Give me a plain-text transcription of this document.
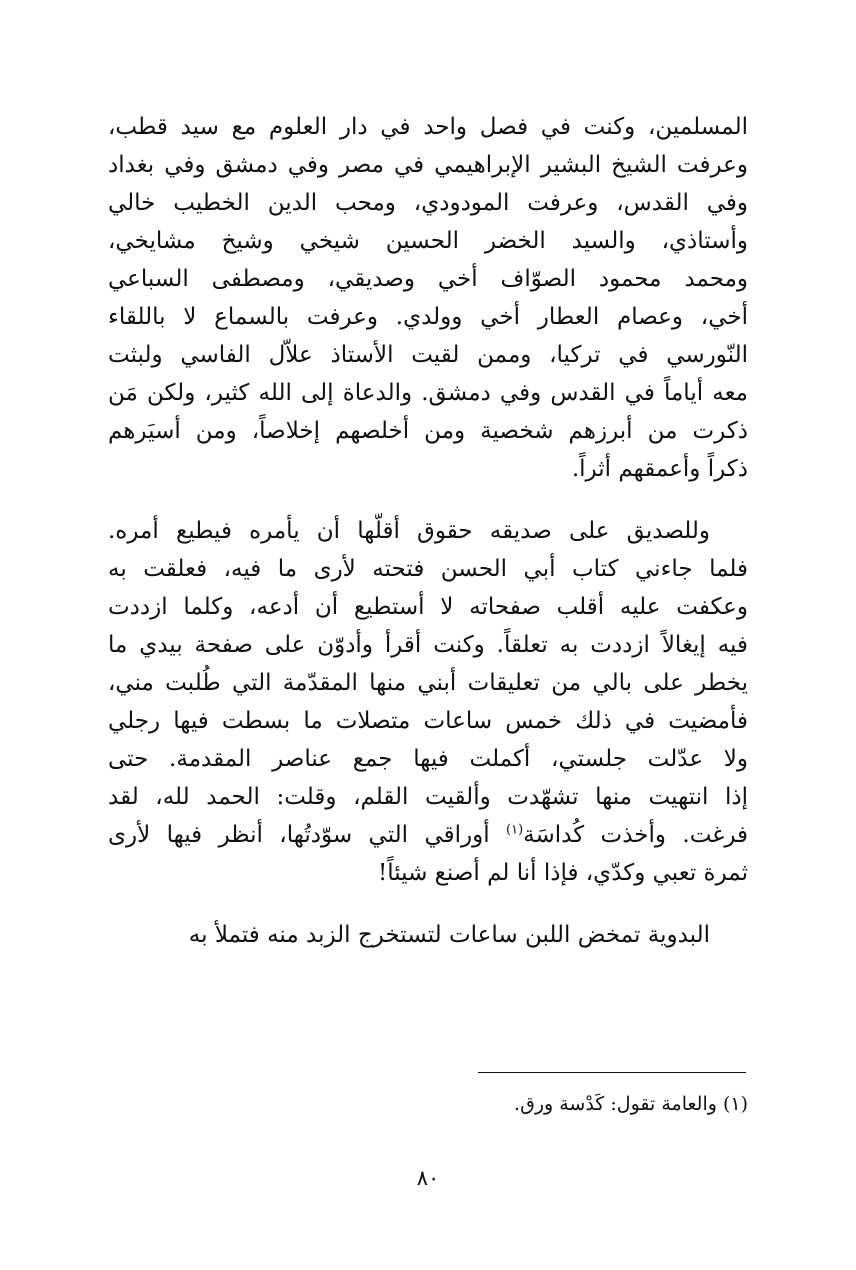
المسلمين، وكنت في فصل واحد في دار العلوم مع سيد قطب،
وعرفت الشيخ البشير الإبراهيمي في مصر وفي دمشق وفي بغداد
وفي القدس، وعرفت المودودي، ومحب الدين الخطيب خالي
وأستاذي، والسيد الخضر الحسين شيخي وشيخ مشايخي،
ومحمد محمود الصوّاف أخي وصديقي، ومصطفى السباعي
أخي، وعصام العطار أخي وولدي. وعرفت بالسماع لا باللقاء
النّورسي في تركيا، وممن لقيت الأستاذ علاّل الفاسي ولبثت
معه أياماً في القدس وفي دمشق. والدعاة إلى الله كثير، ولكن مَن
ذكرت من أبرزهم شخصية ومن أخلصهم إخلاصاً، ومن أسيَرهم
ذكراً وأعمقهم أثراً.
وللصديق على صديقه حقوق أقلّها أن يأمره فيطيع أمره.
فلما جاءني كتاب أبي الحسن فتحته لأرى ما فيه، فعلقت به
وعكفت عليه أقلب صفحاته لا أستطيع أن أدعه، وكلما ازددت
فيه إيغالاً ازددت به تعلقاً. وكنت أقرأ وأدوّن على صفحة بيدي ما
يخطر على بالي من تعليقات أبني منها المقدّمة التي طُلبت مني،
فأمضيت في ذلك خمس ساعات متصلات ما بسطت فيها رجلي
ولا عدّلت جلستي، أكملت فيها جمع عناصر المقدمة. حتى
إذا انتهيت منها تشهّدت وألقيت القلم، وقلت: الحمد لله، لقد
فرغت. وأخذت كُداسَة$^{(١)}$ أوراقي التي سوّدتُها، أنظر فيها لأرى
ثمرة تعبي وكدّي، فإذا أنا لم أصنع شيئاً!
البدوية تمخض اللبن ساعات لتستخرج الزبد منه فتملأ به
(١) والعامة تقول: كَدْسة ورق.
٨٠
